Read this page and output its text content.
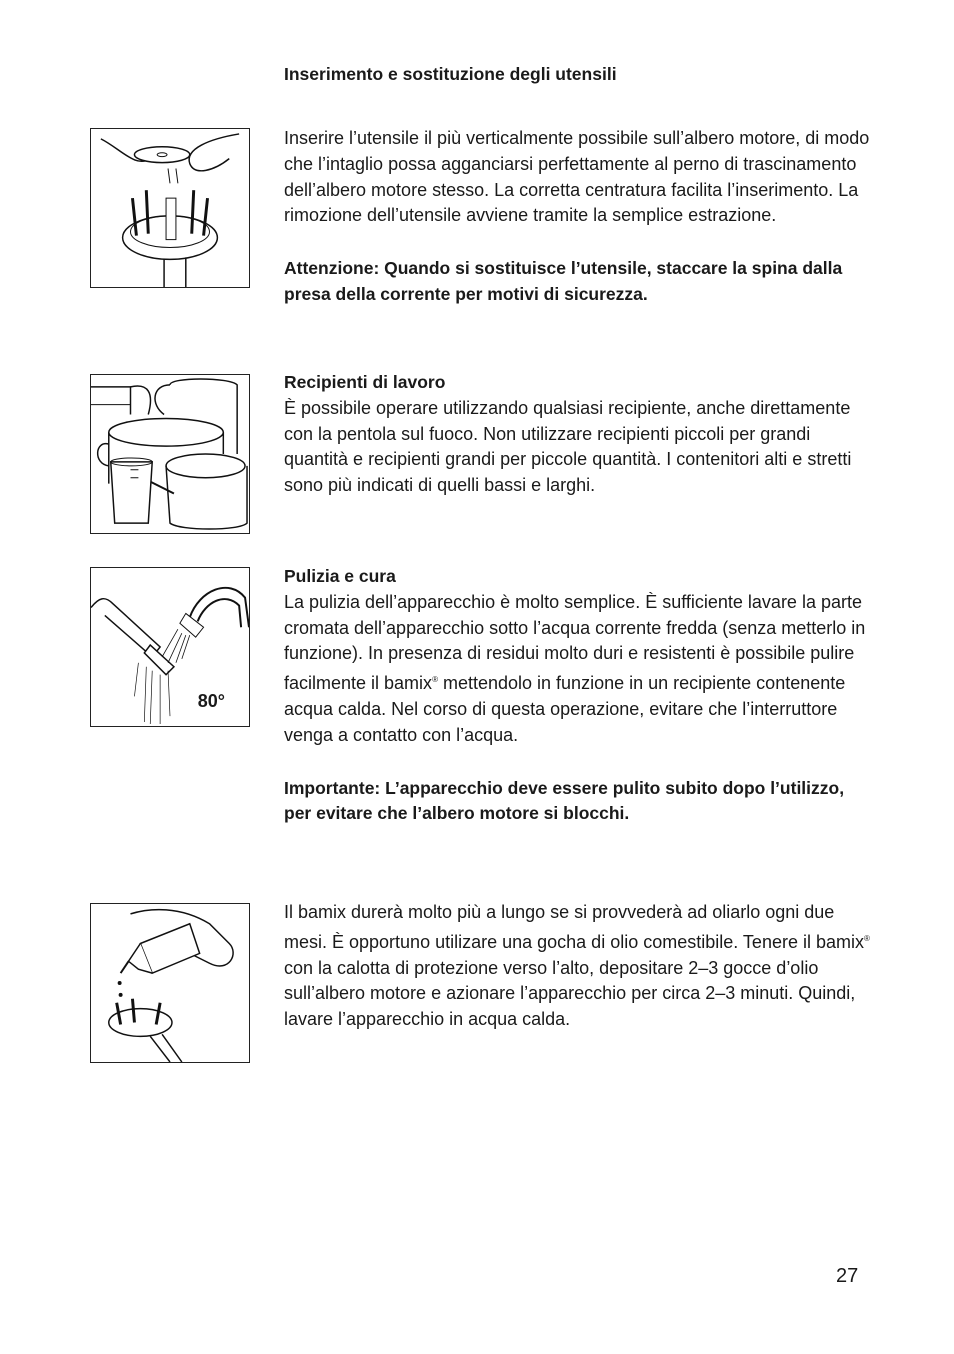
Inserimento e sostituzione degli utensili

Inserire l’utensile il più verticalmente possibile sull’albero motore, di modo che l’intaglio possa agganciarsi perfettamente al perno di trascinamento dell’albero motore stesso. La corretta centratura facilita l’inserimento. La rimozione dell’utensile avviene tramite la semplice estrazione.

Attenzione: Quando si sostituisce l’utensile, staccare la spina dalla presa della corrente per motivi di sicurezza.

Recipienti di lavoro

È possibile operare utilizzando qualsiasi recipiente, anche direttamente con la pentola sul fuoco. Non utilizzare recipienti piccoli per grandi quantità e recipienti grandi per piccole quantità. I contenitori alti e stretti sono più indicati di quelli bassi e larghi.

80°

Pulizia e cura

La pulizia dell’apparecchio è molto semplice. È sufficiente lavare la parte cromata dell’apparecchio sotto l’acqua corrente fredda (senza metterlo in funzione). In presenza di residui molto duri e resistenti è possibile pulire facilmente il bamix® mettendolo in funzione in un recipiente contenente acqua calda. Nel corso di questa operazione, evitare che l’interruttore venga a contatto con l’acqua.

Importante: L’apparecchio deve essere pulito subito dopo l’utilizzo, per evitare che l’albero motore si blocchi.

Il bamix durerà molto più a lungo se si provvederà ad oliarlo ogni due mesi. È opportuno utilizare una gocha di olio comestibile. Tenere il bamix® con la calotta di protezione verso l’alto, depositare 2–3 gocce d’olio sull’albero motore e azionare l’apparecchio per circa 2–3 minuti. Quindi, lavare l’apparecchio in acqua calda.

27
